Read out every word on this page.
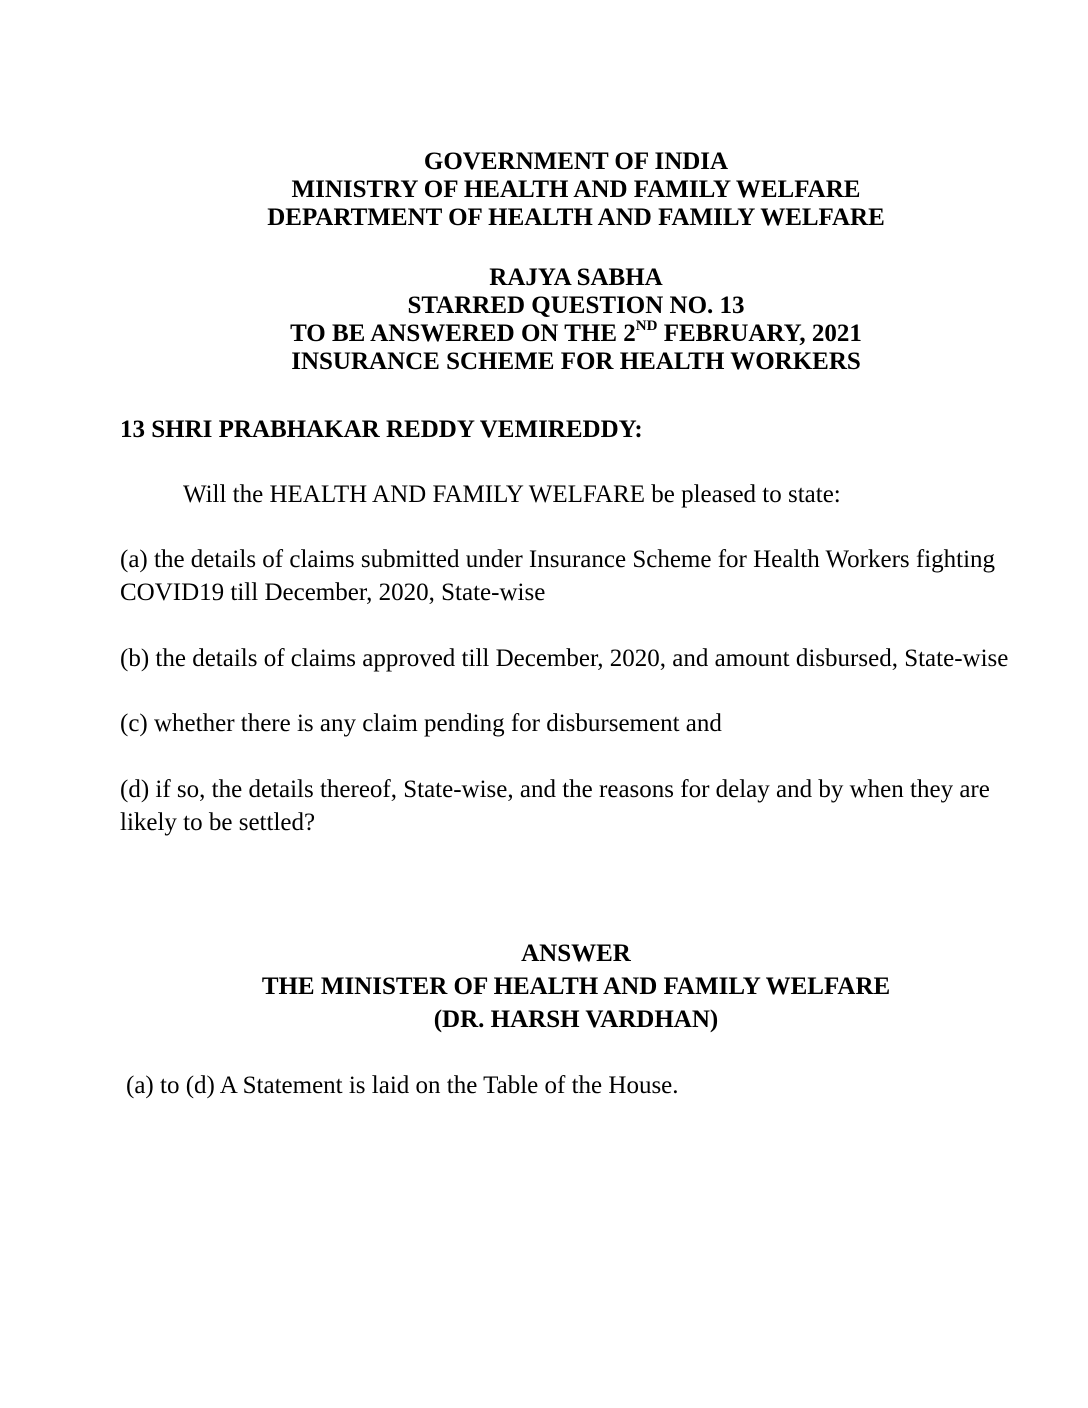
GOVERNMENT OF INDIA
MINISTRY OF HEALTH AND FAMILY WELFARE
DEPARTMENT OF HEALTH AND FAMILY WELFARE
RAJYA SABHA
STARRED QUESTION NO. 13
TO BE ANSWERED ON THE 2ND FEBRUARY, 2021
INSURANCE SCHEME FOR HEALTH WORKERS
13 SHRI PRABHAKAR REDDY VEMIREDDY:
Will the HEALTH AND FAMILY WELFARE be pleased to state:
(a) the details of claims submitted under Insurance Scheme for Health Workers fighting
COVID19 till December, 2020, State-wise
(b) the details of claims approved till December, 2020, and amount disbursed, State-wise
(c) whether there is any claim pending for disbursement and
(d) if so, the details thereof, State-wise, and the reasons for delay and by when they are
likely to be settled?
ANSWER
THE MINISTER OF HEALTH AND FAMILY WELFARE
(DR. HARSH VARDHAN)
(a) to (d) A Statement is laid on the Table of the House.
